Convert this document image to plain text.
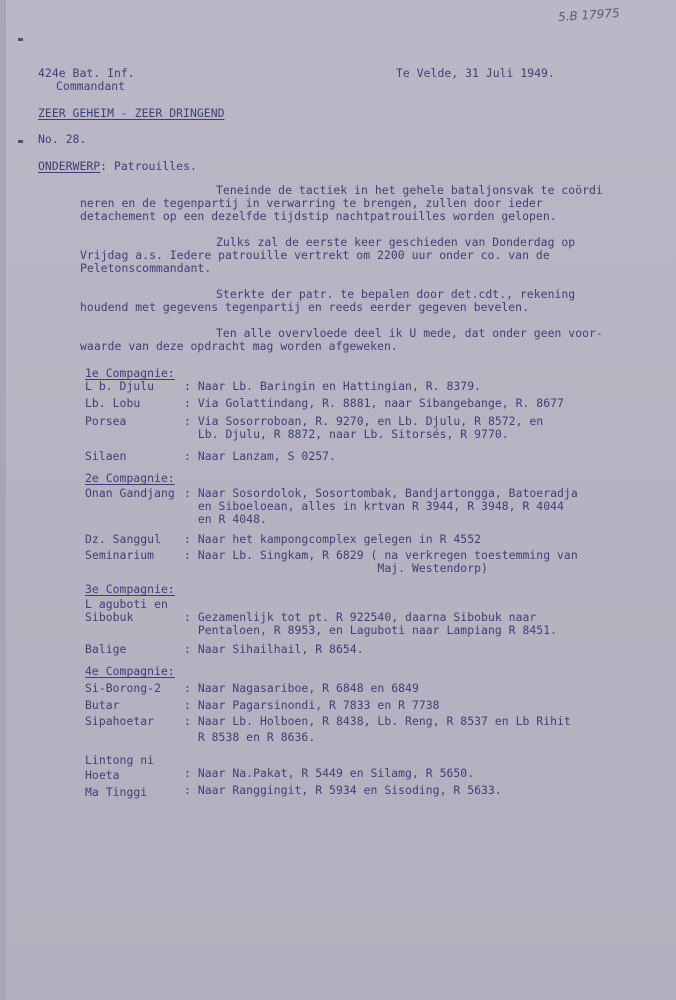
5.B 17975
424e Bat. Inf.
Commandant
Te Velde, 31 Juli 1949.
ZEER GEHEIM - ZEER DRINGEND
No. 28.
ONDERWERP: Patrouilles.
Teneinde de tactiek in het gehele bataljonsvak te coördi
neren en de tegenpartij in verwarring te brengen, zullen door ieder
detachement op een dezelfde tijdstip nachtpatrouilles worden gelopen.
Zulks zal de eerste keer geschieden van Donderdag op
Vrijdag a.s. Iedere patrouille vertrekt om 2200 uur onder co. van de
Peletonscommandant.
Sterkte der patr. te bepalen door det.cdt., rekening
houdend met gegevens tegenpartij en reeds eerder gegeven bevelen.
Ten alle overvloede deel ik U mede, dat onder geen voor-
waarde van deze opdracht mag worden afgeweken.
1e Compagnie:
L b. Djulu	: Naar Lb. Baringin en Hattingian, R. 8379.
Lb. Lobu	: Via Golattindang, R. 8881, naar Sibangebange, R. 8677
Porsea	: Via Sosorroboan, R. 9270, en Lb. Djulu, R 8572, en
Lb. Djulu, R 8872, naar Lb. Sitorsés, R 9770.
Silaen	: Naar Lanzam, S 0257.
2e Compagnie:
Onan Gandjang : Naar Sosordolok, Sosortombak, Bandjartongga, Batoeradja
en Siboeloean, alles in krtvan R 3944, R 3948, R 4044
en R 4048.
Dz. Sanggul : Naar het kampongcomplex gelegen in R 4552
Seminarium	: Naar Lb. Singkam, R 6829 ( na verkregen toestemming van
Maj. Westendorp)
3e Compagnie:
L aguboti en
Sibobuk	: Gezamenlijk tot pt. R 922540, daarna Sibobuk naar
Pentaloen, R 8953, en Laguboti naar Lampiang R 8451.
Balige	: Naar Sihailhail, R 8654.
4e Compagnie:
Si-Borong-2 : Naar Nagasariboe, R 6848 en 6849
Butar	: Naar Pagarsinondi, R 7833 en R 7738
Sipahoetar	: Naar Lb. Holboen, R 8438, Lb. Reng, R 8537 en Lb Rihit
R 8538 en R 8636.
Lintong ni
Hoeta	: Naar Na.Pakat, R 5449 en Silamg, R 5650.
Ma Tinggi	: Naar Ranggingit, R 5934 en Sisoding, R 5633.
